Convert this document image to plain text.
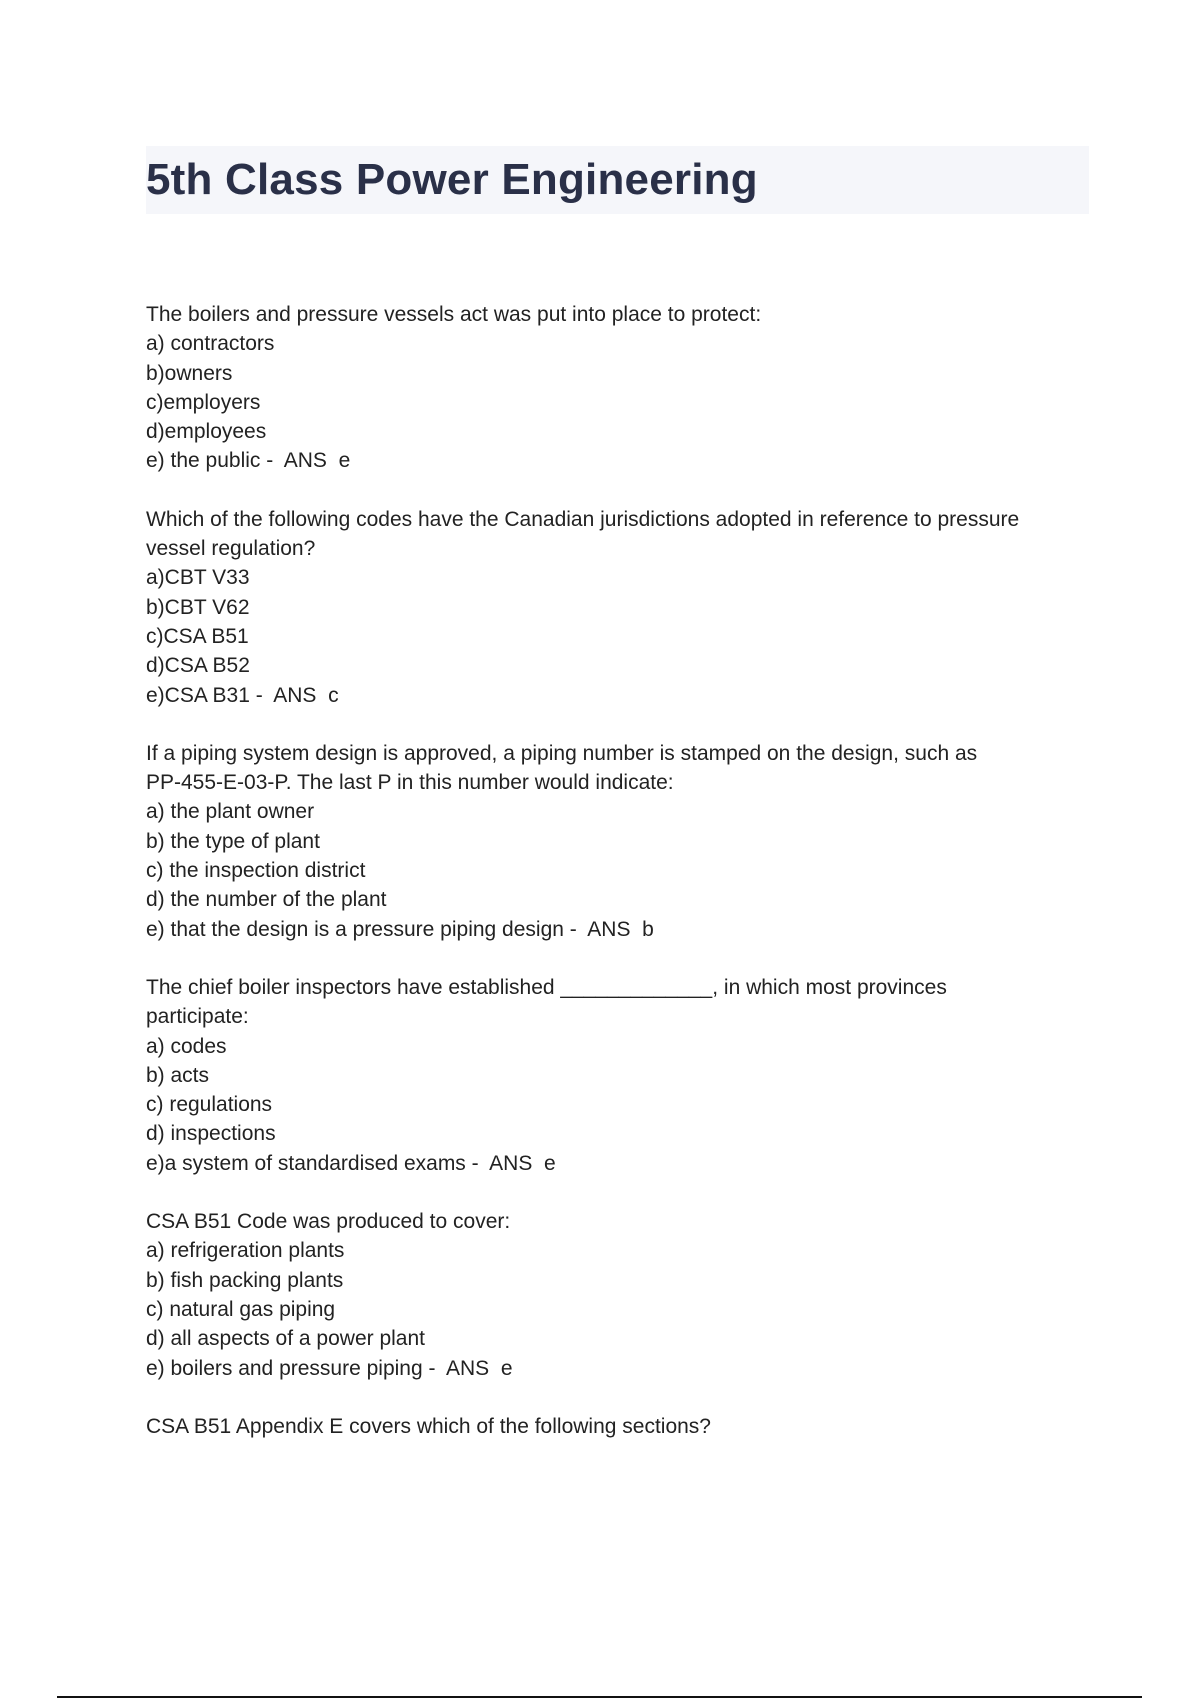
5th Class Power Engineering

The boilers and pressure vessels act was put into place to protect:

a) contractors

b)owners

c)employers

d)employees

e) the public -  ANS  e

Which of the following codes have the Canadian jurisdictions adopted in reference to pressure

vessel regulation?

a)CBT V33

b)CBT V62

c)CSA B51

d)CSA B52

e)CSA B31 -  ANS  c

If a piping system design is approved, a piping number is stamped on the design, such as

PP-455-E-03-P. The last P in this number would indicate:

a) the plant owner

b) the type of plant

c) the inspection district

d) the number of the plant

e) that the design is a pressure piping design -  ANS  b

The chief boiler inspectors have established _____________, in which most provinces

participate:

a) codes

b) acts

c) regulations

d) inspections

e)a system of standardised exams -  ANS  e

CSA B51 Code was produced to cover:

a) refrigeration plants

b) fish packing plants

c) natural gas piping

d) all aspects of a power plant

e) boilers and pressure piping -  ANS  e

CSA B51 Appendix E covers which of the following sections?
